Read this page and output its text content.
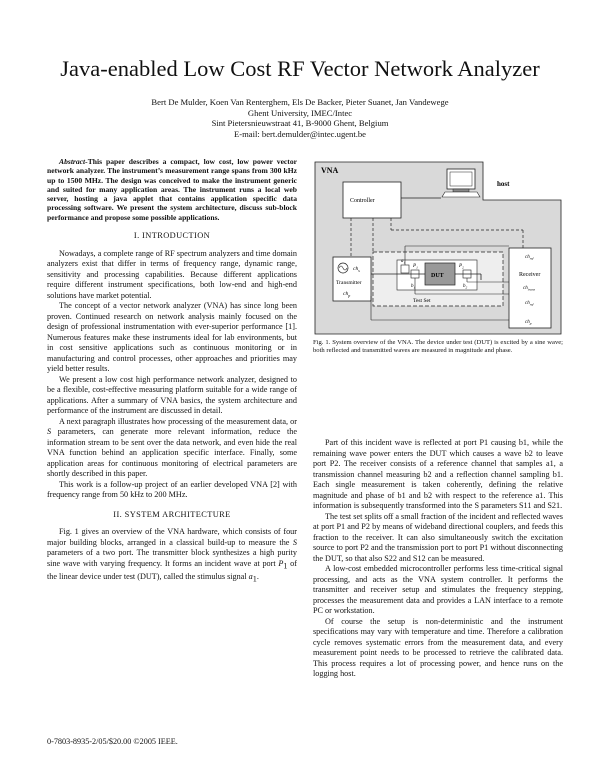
Java-enabled Low Cost RF Vector Network Analyzer
Bert De Mulder, Koen Van Renterghem, Els De Backer, Pieter Suanet, Jan Vandewege
Ghent University, IMEC/Intec
Sint Pietersnieuwstraat 41, B-9000 Ghent, Belgium
E-mail: bert.demulder@intec.ugent.be

Abstract-This paper describes a compact, low cost, low power vector network analyzer. The instrument’s measurement range spans from 300 kHz up to 1500 MHz. The design was conceived to make the instrument generic and suited for many application areas. The instrument runs a local web server, hosting a java applet that contains application specific data processing software. We present the system architecture, discuss sub-block performance and propose some possible applications.

I. INTRODUCTION

Nowadays, a complete range of RF spectrum analyzers and time domain analyzers exist that differ in terms of frequency range, dynamic range, sensitivity and processing capabilities. Because different applications require different instrument specifications, both low-end and high-end solutions have market potential.

The concept of a vector network analyzer (VNA) has since long been proven. Continued research on network analysis mainly focused on the design of professional instrumentation with ever-superior performance [1]. Numerous features make these instruments ideal for lab environments, but in cost sensitive applications such as continuous monitoring or in manufacturing and control processes, other approaches and priorities may yield better results.

We present a low cost high performance network analyzer, designed to be a flexible, cost-effective measuring platform suitable for a wide range of applications. After a summary of VNA basics, the system architecture and performance of the instrument are discussed in detail.

A next paragraph illustrates how processing of the measurement data, or S parameters, can generate more relevant information, reduce the information stream to be sent over the data network, and even hide the real VNA function behind an application specific interface. Finally, some application areas for continuous monitoring of electrical parameters are shortly described in this paper.

This work is a follow-up project of an earlier developed VNA [2] with frequency range from 50 kHz to 200 MHz.

II. SYSTEM ARCHITECTURE

Fig. 1 gives an overview of the VNA hardware, which consists of four major building blocks, arranged in a classical build-up to measure the S parameters of a two port. The transmitter block synthesizes a high purity sine wave with varying frequency. It forms an incident wave at port $P_1$ of the linear device under test (DUT), called the stimulus signal $a_1$.

VNA
host
Controller
$ch_s$
Transmitter
$ch_p$
Test Set
DUT
$P_1$	$P_2$
$a_1$
$b_1$	$b_2$
Receiver
$ch_{ref}$
$ch_{trans}$
$ch_{ref}$
$ch_p$
Fig. 1. System overview of the VNA. The device under test (DUT) is excited by a sine wave; both reflected and transmitted waves are measured in magnitude and phase.

Part of this incident wave is reflected at port P1 causing b1, while the remaining wave power enters the DUT which causes a wave b2 to leave port P2. The receiver consists of a reference channel that samples a1, a transmission channel measuring b2 and a reflection channel sampling b1. Each single measurement is taken coherently, defining the relative magnitude and phase of b1 and b2 with respect to the reference a1. This information is subsequently transformed into the S parameters S11 and S21.

The test set splits off a small fraction of the incident and reflected waves at port P1 and P2 by means of wideband directional couplers, and feeds this fraction to the receiver. It can also simultaneously switch the excitation source to port P2 and the transmission port to port P1 without disconnecting the DUT, so that also S22 and S12 can be measured.

A low-cost embedded microcontroller performs less time-critical signal processing, and acts as the VNA system controller. It performs the transmitter and receiver setup and stimulates the frequency stepping, processes the measurement data and provides a LAN interface to a remote PC or workstation.

Of course the setup is non-deterministic and the instrument specifications may vary with temperature and time. Therefore a calibration cycle removes systematic errors from the measurement data, and every measurement point needs to be processed to retrieve the calibrated data. This process requires a lot of processing power, and hence runs on the logging host.

0-7803-8935-2/05/$20.00 ©2005 IEEE.
